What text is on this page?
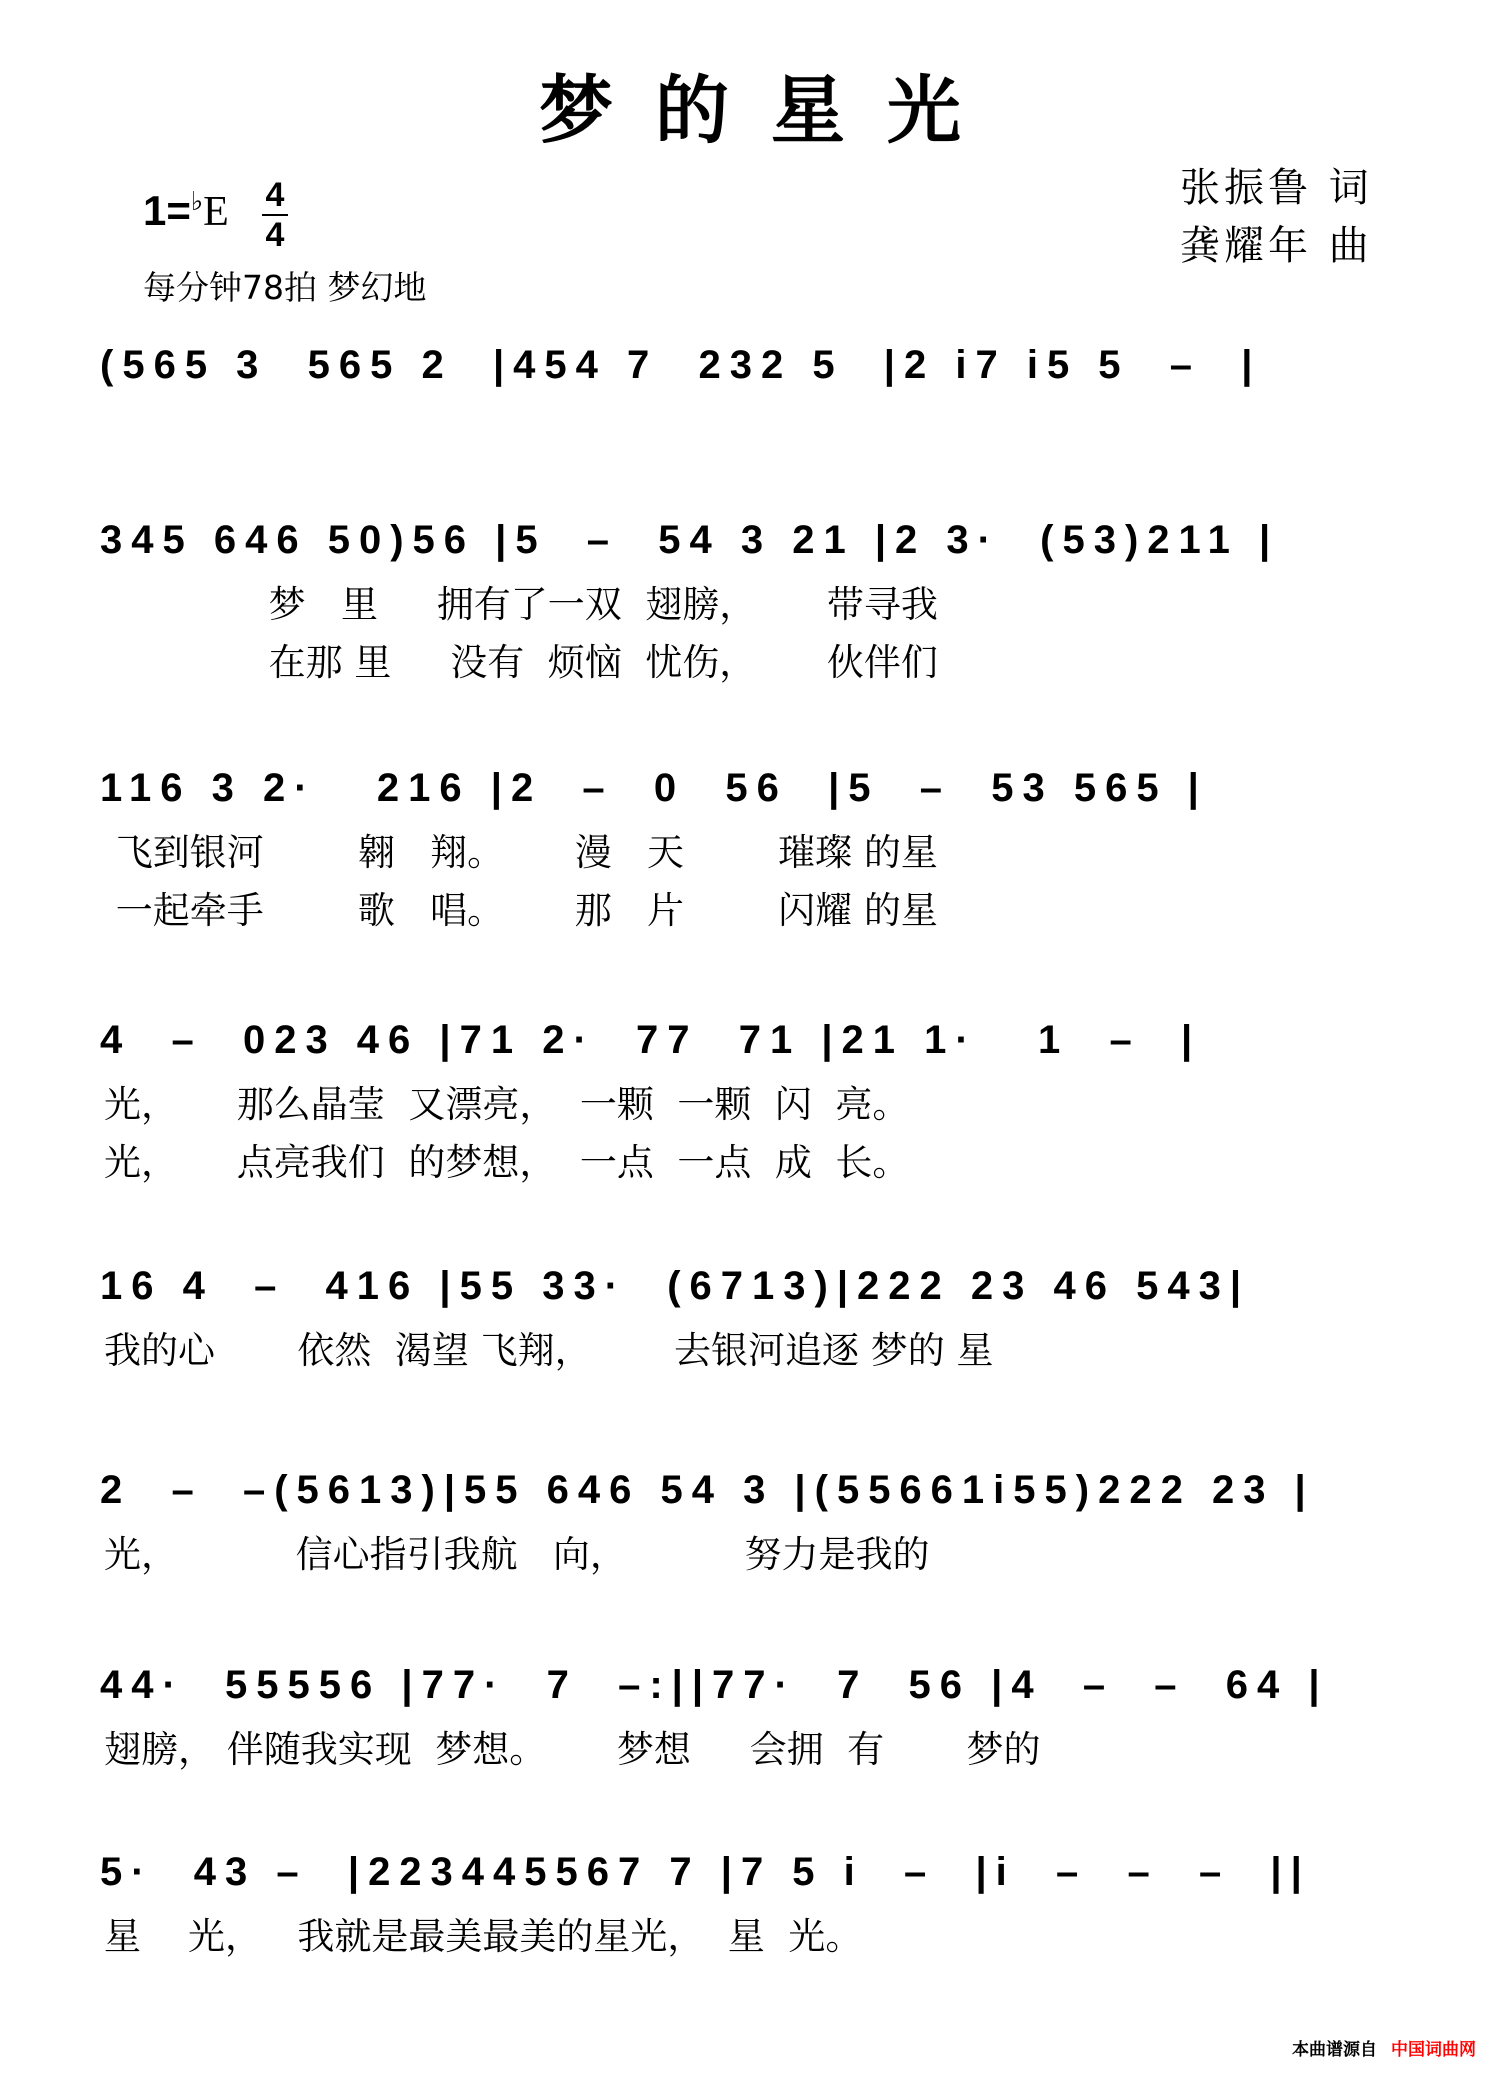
梦的星光
张振鲁 词
龚耀年 曲
1=♭E 4
4
每分钟78拍 梦幻地
(565 3  565 2  |454 7  232 5  |2 i7 i5 5  –  |
345 646 50)56 |5  –  54 3 21 |2 3·  (53)211 |
梦   里     拥有了一双  翅膀，      带寻我
在那 里     没有  烦恼  忧伤，      伙伴们
116 3 2·   216 |2  –  0  56  |5  –  53 565 |
飞到银河        翱   翔。      漫   天        璀璨 的星
一起牵手        歌   唱。      那   片        闪耀 的星
4  –  023 46 |71 2·  77  71 |21 1·   1  –  |
光，     那么晶莹  又漂亮，  一颗  一颗  闪  亮。
光，     点亮我们  的梦想，  一点  一点  成  长。
16 4  –  416 |55 33·  (6713)|222 23 46 543|
我的心       依然  渴望 飞翔，       去银河追逐 梦的 星
2  –  –(5613)|55 646 54 3 |(55661i55)222 23 |
光，          信心指引我航   向，          努力是我的
44·  55556 |77·  7  –:||77·  7  56 |4  –  –  64 |
翅膀， 伴随我实现  梦想。      梦想     会拥  有       梦的
5·  43 –  |223445567 7 |7 5 i  –  |i  –  –  –  ||
星    光，   我就是最美最美的星光，  星  光。
本曲谱源自 中国词曲网
